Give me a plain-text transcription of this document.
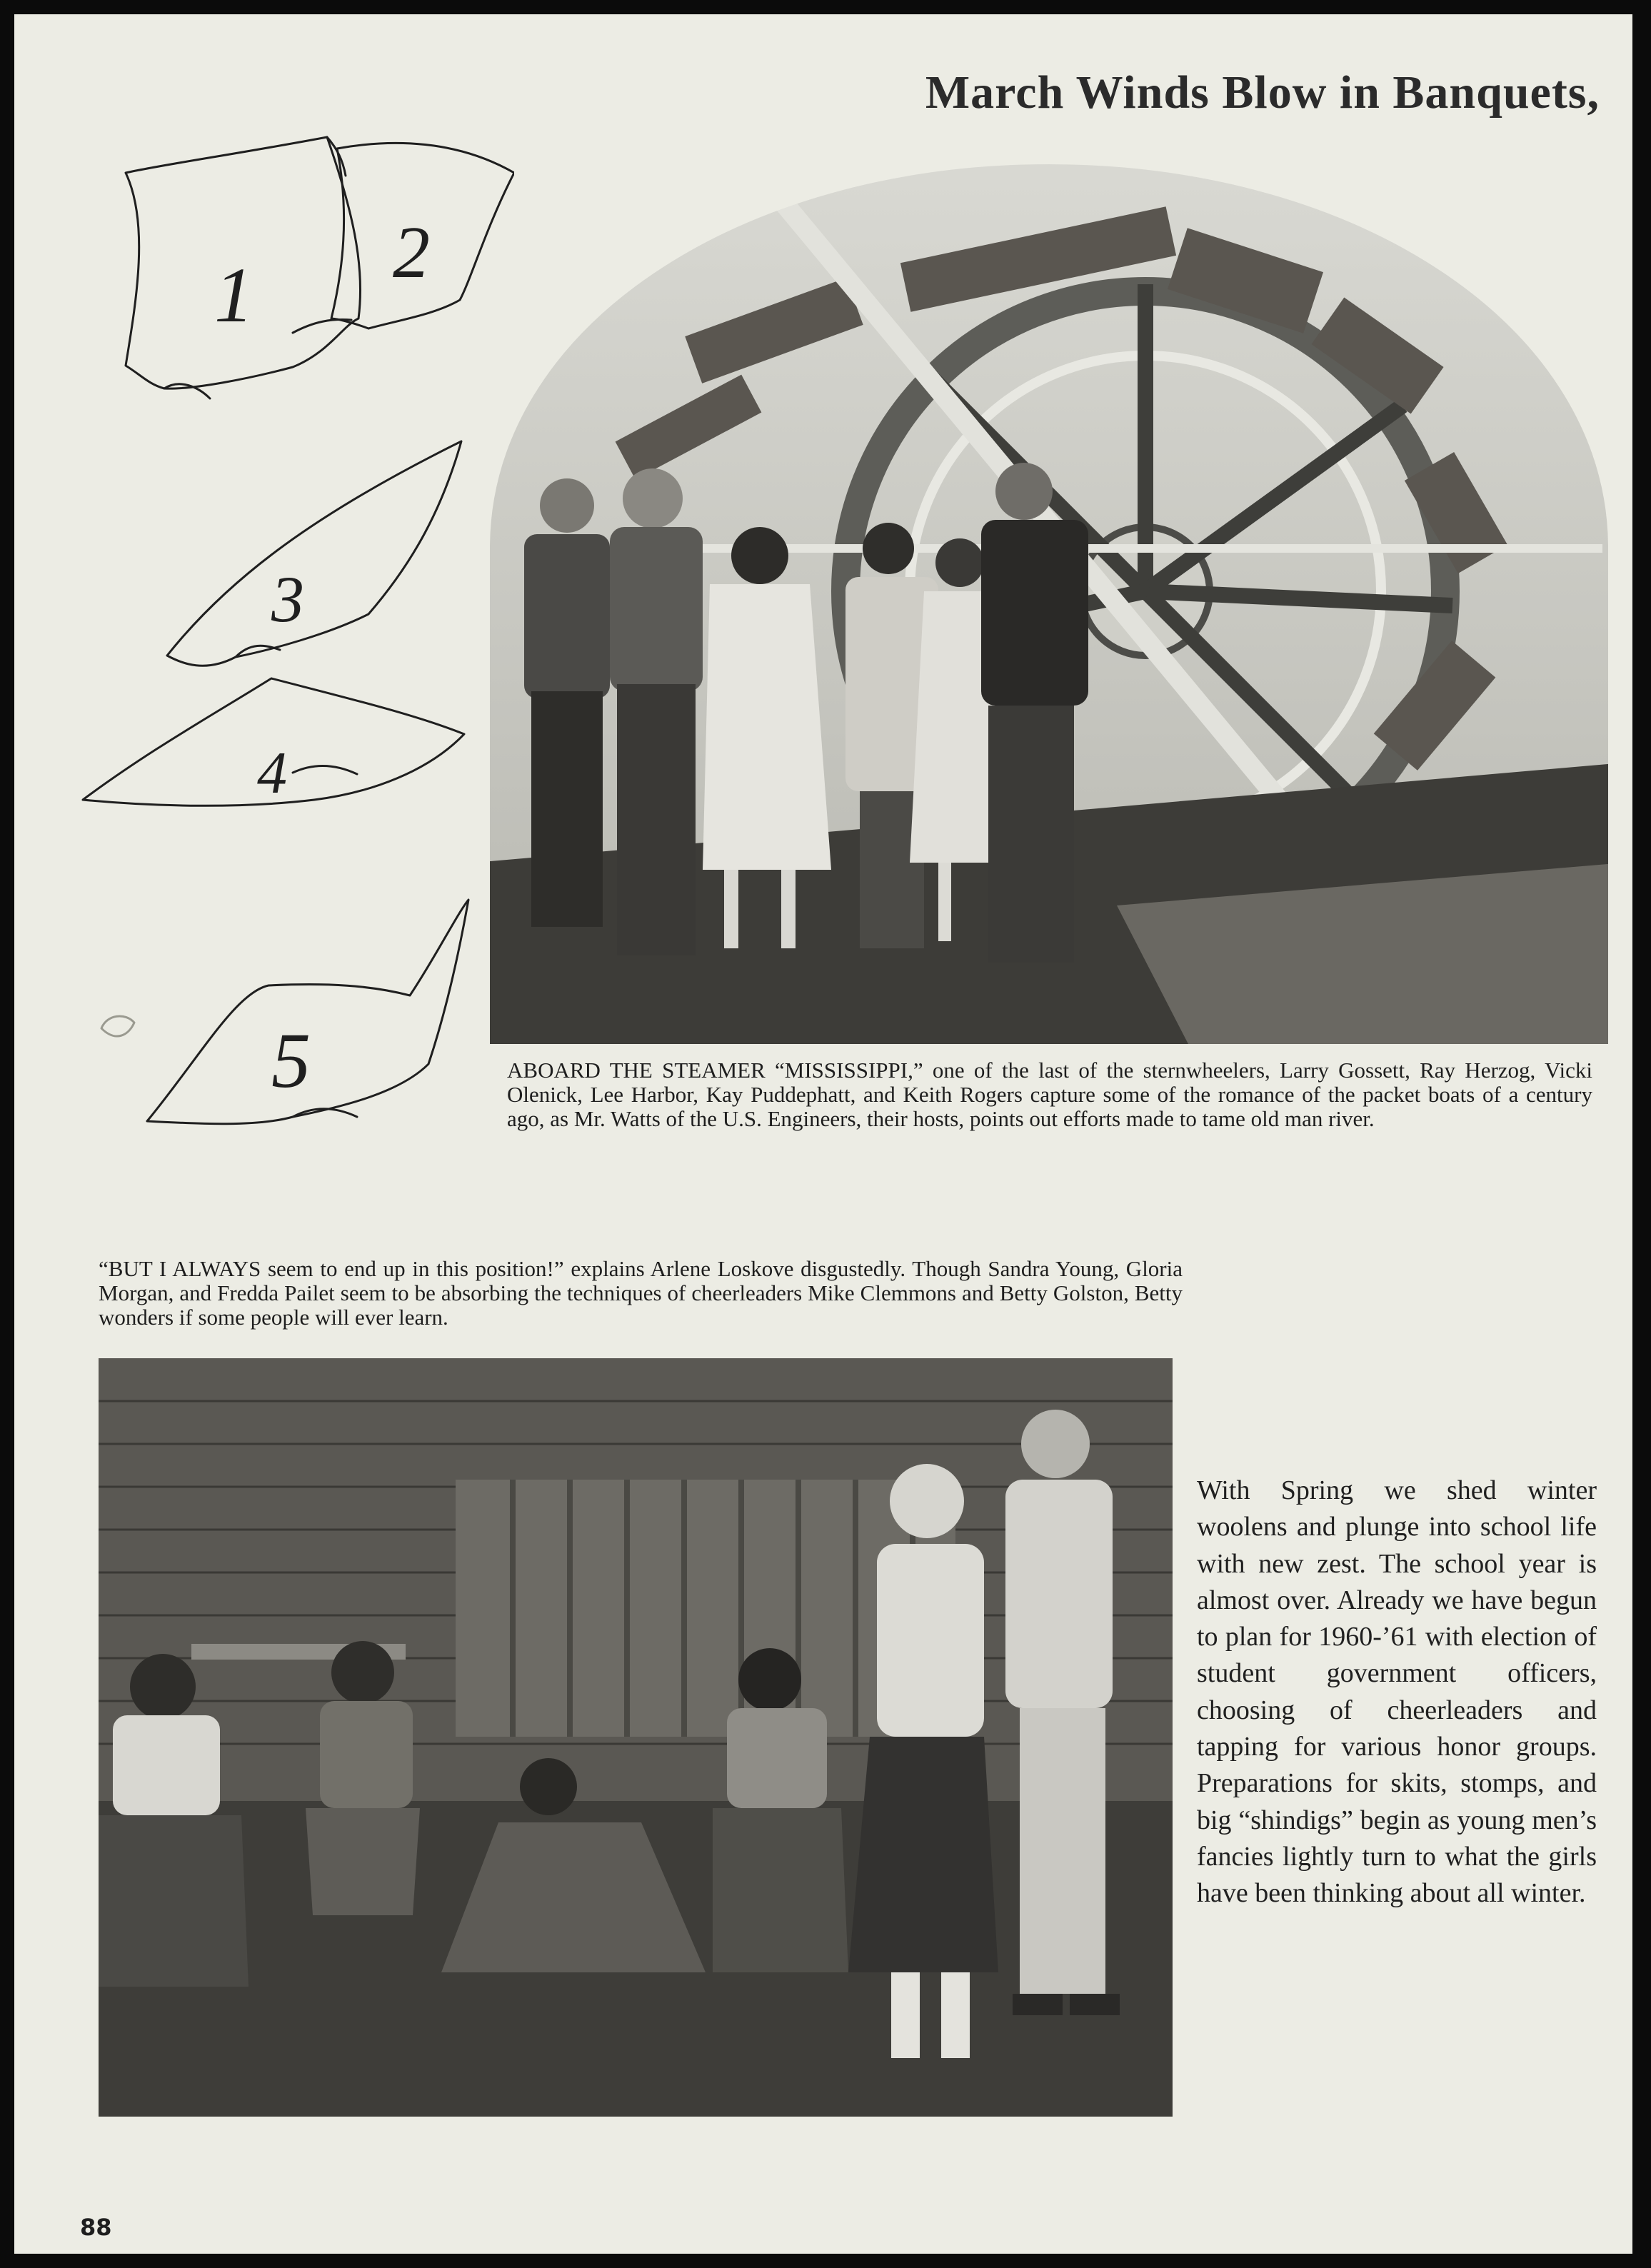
March Winds Blow in Banquets,
1 2
3
4
5	ABOARD THE STEAMER “MISSISSIPPI,” one of the last of the sternwheelers, Larry Gossett, Ray Herzog, Vicki Olenick, Lee Harbor, Kay Puddephatt, and Keith Rogers capture some of the romance of the packet boats of a century ago, as Mr. Watts of the U.S. Engineers, their hosts, points out efforts made to tame old man river.

“BUT I ALWAYS seem to end up in this position!” explains Arlene Loskove disgustedly. Though Sandra Young, Gloria Morgan, and Fredda Pailet seem to be absorbing the techniques of cheerleaders Mike Clemmons and Betty Golston, Betty wonders if some people will ever learn.

With Spring we shed winter woolens and plunge into school life with new zest. The school year is almost over. Already we have begun to plan for 1960-’61 with election of student government officers, choosing of cheerleaders and tapping for various honor groups. Preparations for skits, stomps, and big “shindigs” begin as young men’s fancies lightly turn to what the girls have been thinking about all winter.

88
